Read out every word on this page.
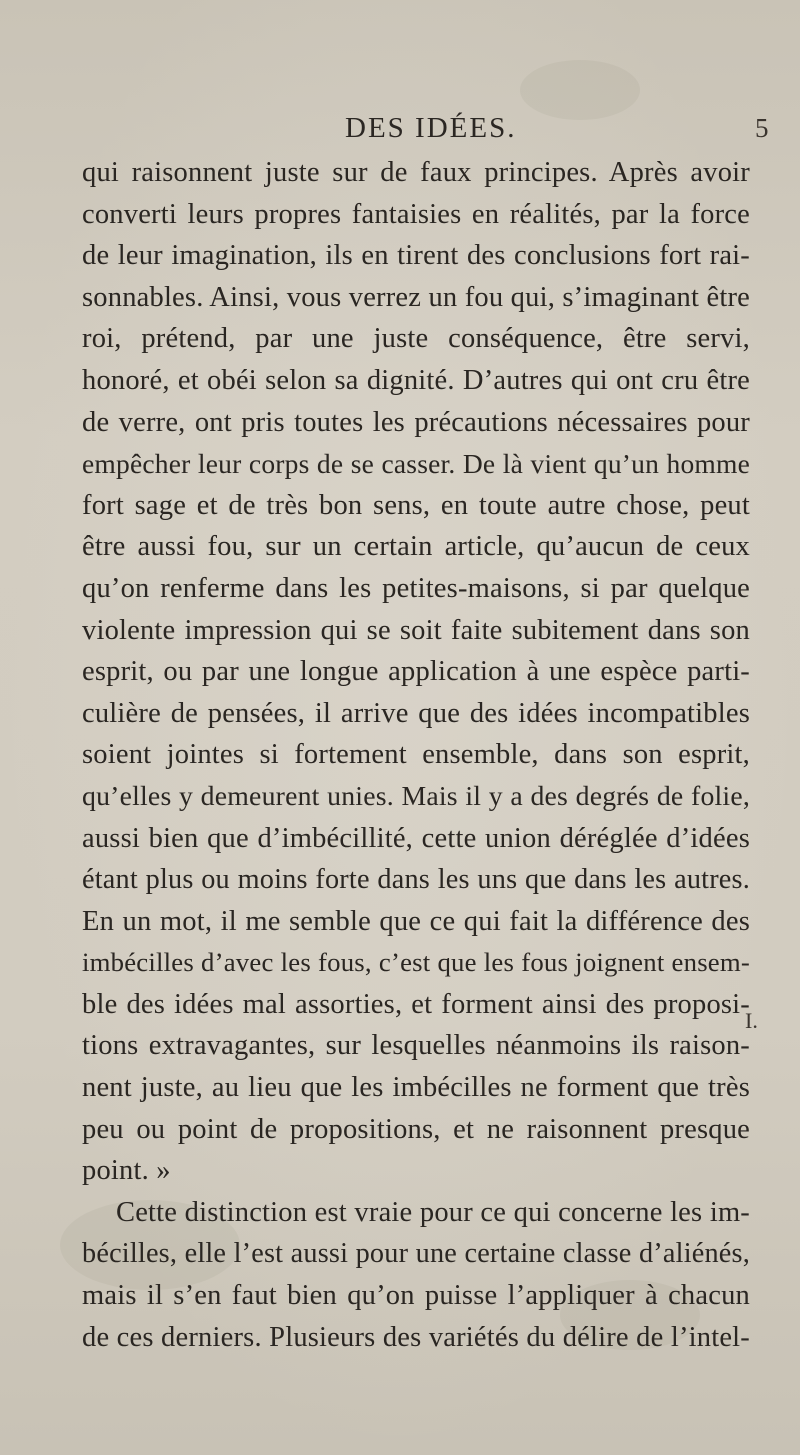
DES IDÉES.	5
qui raisonnent juste sur de faux principes. Après avoir
converti leurs propres fantaisies en réalités, par la force
de leur imagination, ils en tirent des conclusions fort rai-
sonnables. Ainsi, vous verrez un fou qui, s’imaginant être
roi, prétend, par une juste conséquence, être servi,
honoré, et obéi selon sa dignité. D’autres qui ont cru être
de verre, ont pris toutes les précautions nécessaires pour
empêcher leur corps de se casser. De là vient qu’un homme
fort sage et de très bon sens, en toute autre chose, peut
être aussi fou, sur un certain article, qu’aucun de ceux
qu’on renferme dans les petites-maisons, si par quelque
violente impression qui se soit faite subitement dans son
esprit, ou par une longue application à une espèce parti-
culière de pensées, il arrive que des idées incompatibles
soient jointes si fortement ensemble, dans son esprit,
qu’elles y demeurent unies. Mais il y a des degrés de folie,
aussi bien que d’imbécillité, cette union déréglée d’idées
étant plus ou moins forte dans les uns que dans les autres.
En un mot, il me semble que ce qui fait la différence des
imbécilles d’avec les fous, c’est que les fous joignent ensem-
ble des idées mal assorties, et forment ainsi des proposi-
tions extravagantes, sur lesquelles néanmoins ils raison-
nent juste, au lieu que les imbécilles ne forment que très
peu ou point de propositions, et ne raisonnent presque
point. »
Cette distinction est vraie pour ce qui concerne les im-
bécilles, elle l’est aussi pour une certaine classe d’aliénés,
mais il s’en faut bien qu’on puisse l’appliquer à chacun
de ces derniers. Plusieurs des variétés du délire de l’intel-
I.
